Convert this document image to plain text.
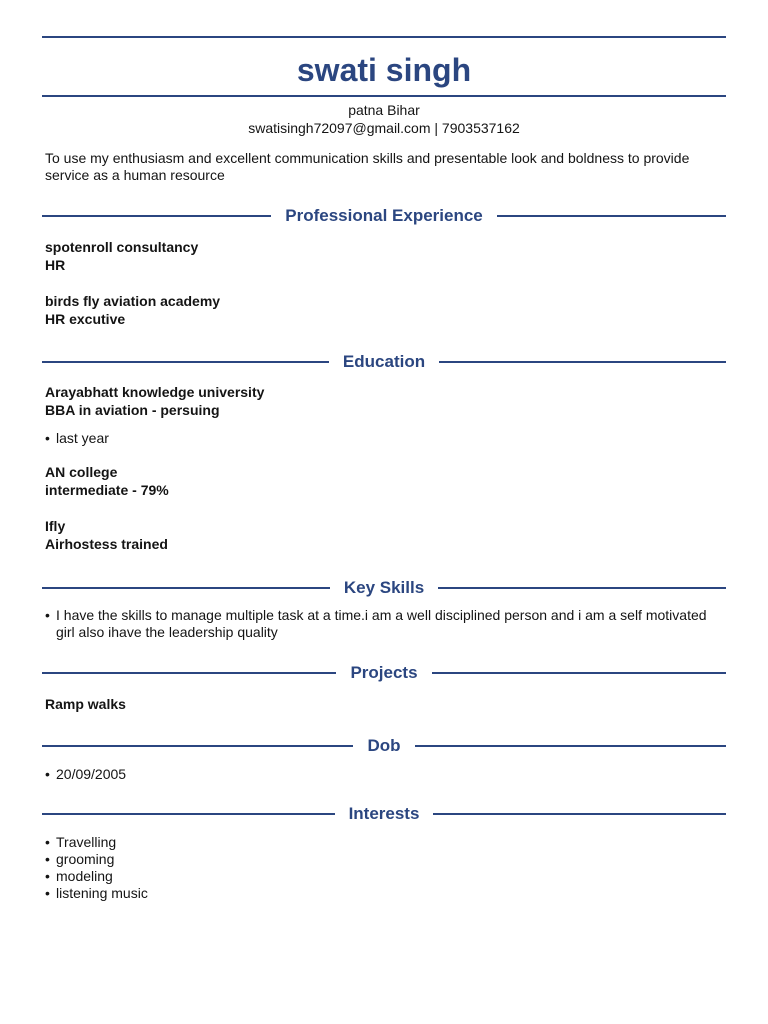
swati singh
patna Bihar
swatisingh72097@gmail.com | 7903537162
To use my enthusiasm and excellent communication skills and presentable look and boldness to provide service as a human resource
Professional Experience
spotenroll consultancy
HR
birds fly aviation academy
HR excutive
Education
Arayabhatt knowledge university
BBA in aviation - persuing
• last year
AN college
intermediate - 79%
Ifly
Airhostess trained
Key Skills
• I have the skills to manage multiple task at a time.i am a well disciplined person and i am a self motivated girl also ihave the leadership quality
Projects
Ramp walks
Dob
• 20/09/2005
Interests
• Travelling
• grooming
• modeling
• listening music
